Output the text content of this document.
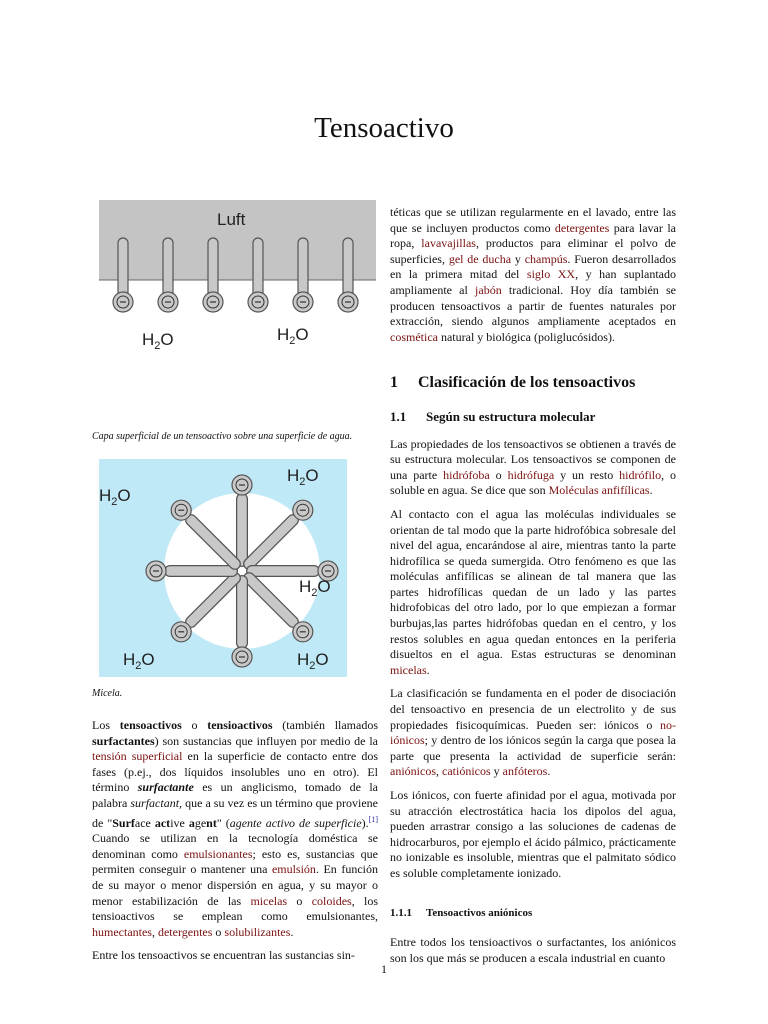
Tensoactivo
Luft
$H_2O$	$H_2O$

Capa superficial de un tensoactivo sobre una superficie de agua.

$H_2O$
$H_2O$
$H_2O$
$H_2O$	$H_2O$

Micela.

Los tensoactivos o tensioactivos (también llamados surfactantes) son sustancias que influyen por medio de la tensión superficial en la superficie de contacto entre dos fases (p.ej., dos líquidos insolubles uno en otro). El término surfactante es un anglicismo, tomado de la palabra surfactant, que a su vez es un término que proviene de "Surface active agent" (agente activo de superficie).[1] Cuando se utilizan en la tecnología doméstica se denominan como emulsionantes; esto es, sustancias que permiten conseguir o mantener una emulsión. En función de su mayor o menor dispersión en agua, y su mayor o menor estabilización de las micelas o coloides, los tensioactivos se emplean como emulsionantes, humectantes, detergentes o solubilizantes.

Entre los tensoactivos se encuentran las sustancias sin-

téticas que se utilizan regularmente en el lavado, entre las que se incluyen productos como detergentes para lavar la ropa, lavavajillas, productos para eliminar el polvo de superficies, gel de ducha y champús. Fueron desarrollados en la primera mitad del siglo XX, y han suplantado ampliamente al jabón tradicional. Hoy día también se producen tensoactivos a partir de fuentes naturales por extracción, siendo algunos ampliamente aceptados en cosmética natural y biológica (poliglucósidos).

1 Clasificación de los tensoactivos
1.1 Según su estructura molecular

Las propiedades de los tensoactivos se obtienen a través de su estructura molecular. Los tensoactivos se componen de una parte hidrófoba o hidrófuga y un resto hidrófilo, o soluble en agua. Se dice que son Moléculas anfifílicas.

Al contacto con el agua las moléculas individuales se orientan de tal modo que la parte hidrofóbica sobresale del nivel del agua, encarándose al aire, mientras tanto la parte hidrofílica se queda sumergida. Otro fenómeno es que las moléculas anfifílicas se alinean de tal manera que las partes hidrofílicas quedan de un lado y las partes hidrofobicas del otro lado, por lo que empiezan a formar burbujas,las partes hidrófobas quedan en el centro, y los restos solubles en agua quedan entonces en la periferia disueltos en el agua. Estas estructuras se denominan micelas.

La clasificación se fundamenta en el poder de disociación del tensoactivo en presencia de un electrolito y de sus propiedades fisicoquímicas. Pueden ser: iónicos o no-iónicos; y dentro de los iónicos según la carga que posea la parte que presenta la actividad de superficie serán: aniónicos, catiónicos y anfóteros.

Los iónicos, con fuerte afinidad por el agua, motivada por su atracción electrostática hacia los dipolos del agua, pueden arrastrar consigo a las soluciones de cadenas de hidrocarburos, por ejemplo el ácido pálmico, prácticamente no ionizable es insoluble, mientras que el palmitato sódico es soluble completamente ionizado.

1.1.1 Tensoactivos aniónicos

Entre todos los tensioactivos o surfactantes, los aniónicos son los que más se producen a escala industrial en cuanto

1
